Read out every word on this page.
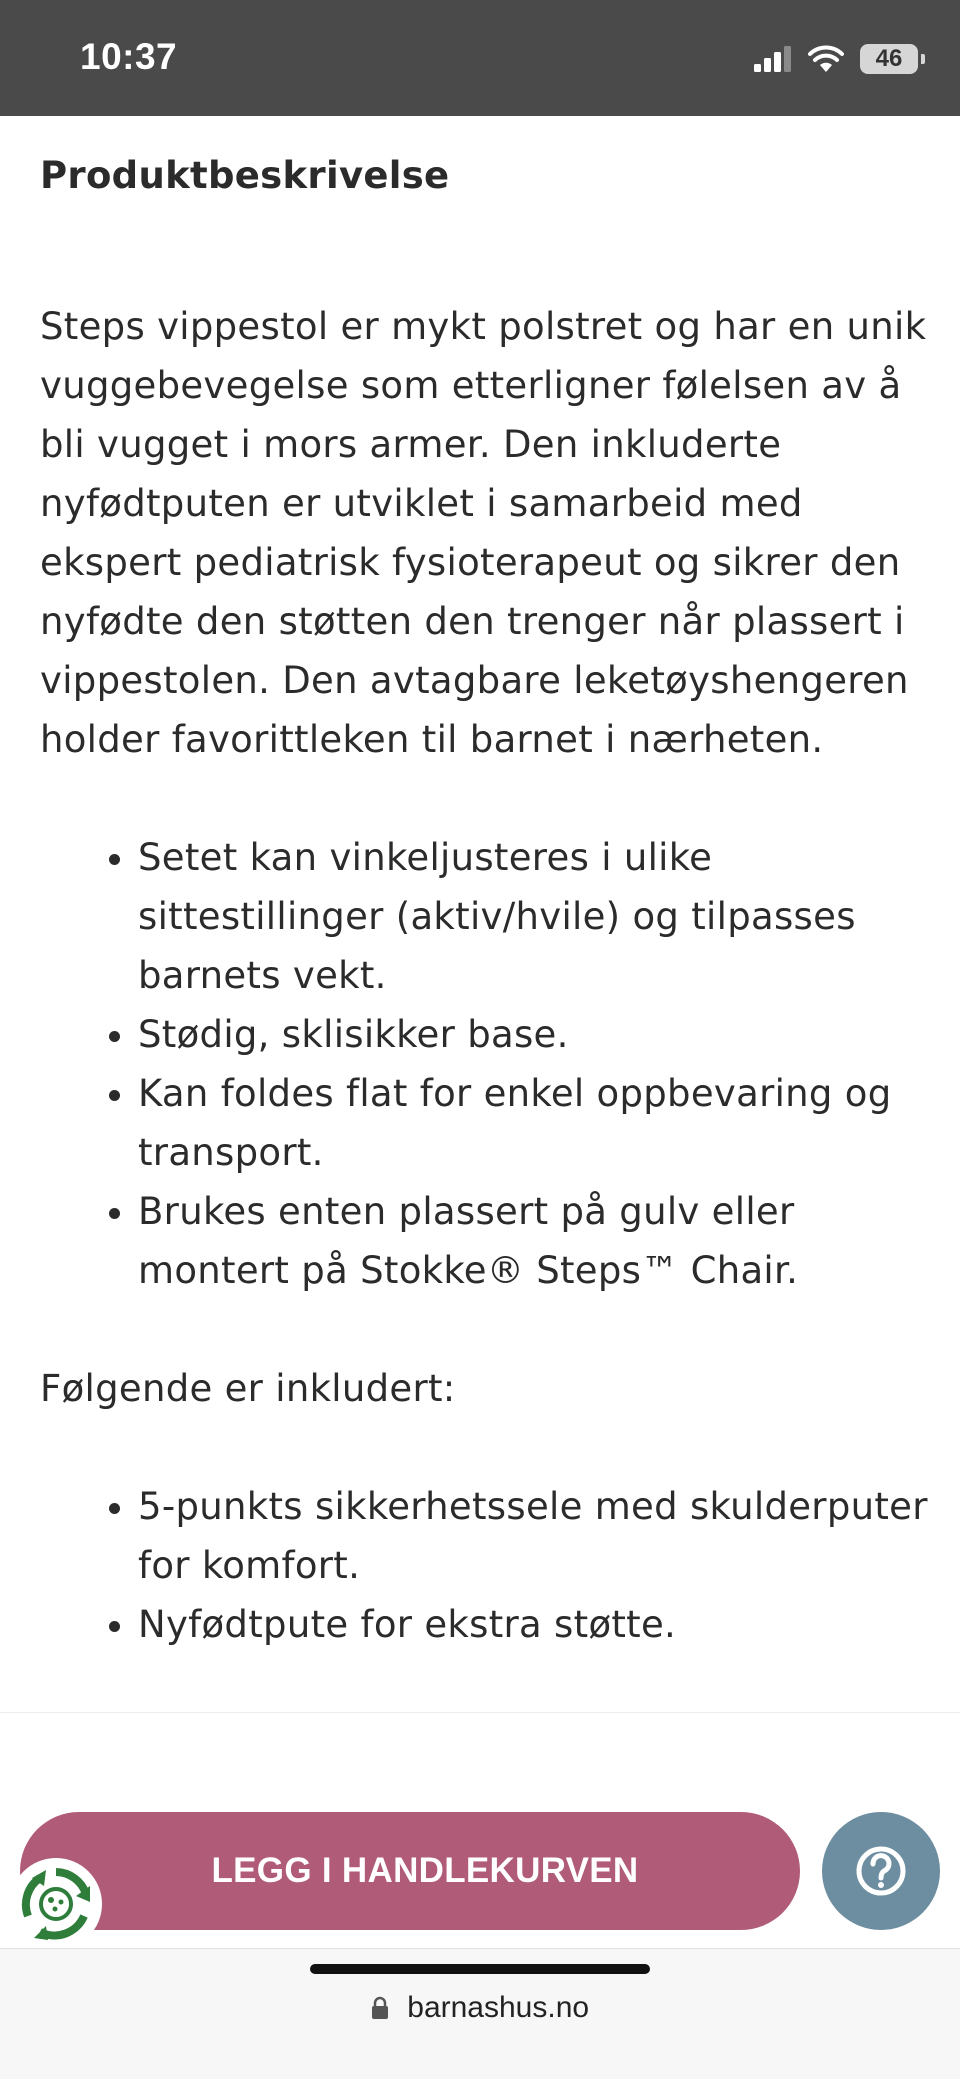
10:37	46
Produktbeskrivelse

Steps vippestol er mykt polstret og har en unik vuggebevegelse som etterligner følelsen av å bli vugget i mors armer. Den inkluderte nyfødtputen er utviklet i samarbeid med ekspert pediatrisk fysioterapeut og sikrer den nyfødte den støtten den trenger når plassert i vippestolen. Den avtagbare leketøyshengeren holder favorittleken til barnet i nærheten.

• Setet kan vinkeljusteres i ulike sittestillinger (aktiv/hvile) og tilpasses barnets vekt.
• Stødig, sklisikker base.
• Kan foldes flat for enkel oppbevaring og transport.
• Brukes enten plassert på gulv eller montert på Stokke® Steps™ Chair.

Følgende er inkludert:

• 5-punkts sikkerhetssele med skulderputer for komfort.
• Nyfødtpute for ekstra støtte.
LEGG I HANDLEKURVEN
barnashus.no
